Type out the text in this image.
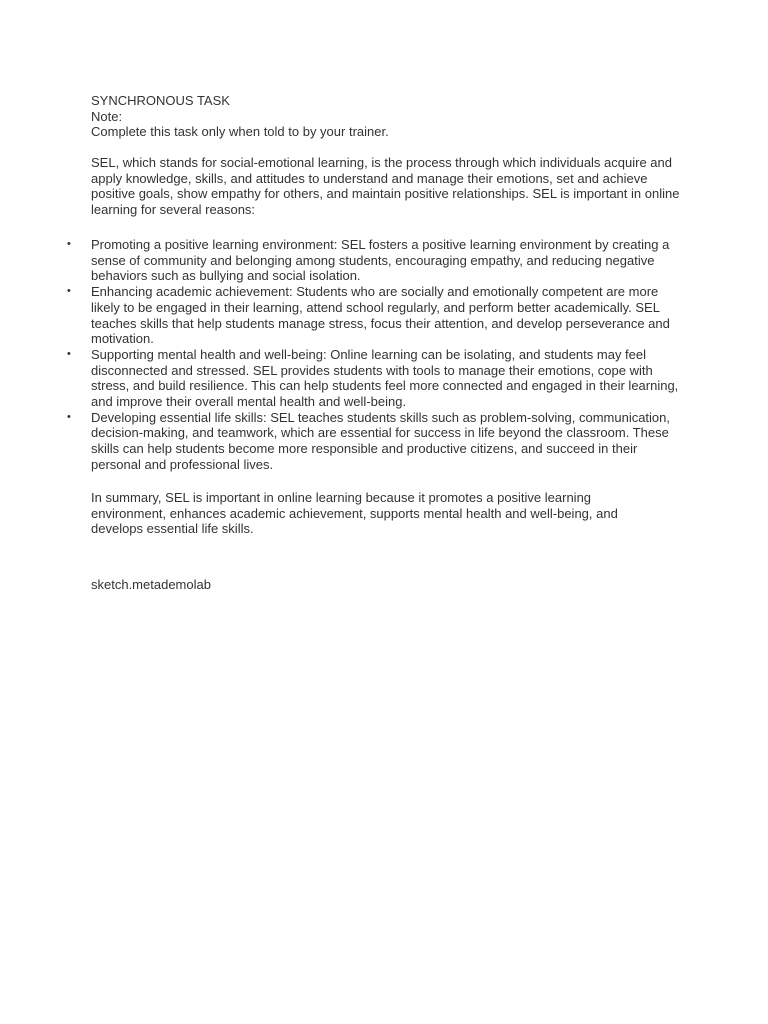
SYNCHRONOUS TASK
Note:
Complete this task only when told to by your trainer.
SEL, which stands for social-emotional learning, is the process through which individuals acquire and apply knowledge, skills, and attitudes to understand and manage their emotions, set and achieve positive goals, show empathy for others, and maintain positive relationships. SEL is important in online learning for several reasons:
• Promoting a positive learning environment: SEL fosters a positive learning environment by creating a sense of community and belonging among students, encouraging empathy, and reducing negative behaviors such as bullying and social isolation.
• Enhancing academic achievement: Students who are socially and emotionally competent are more likely to be engaged in their learning, attend school regularly, and perform better academically. SEL teaches skills that help students manage stress, focus their attention, and develop perseverance and motivation.
• Supporting mental health and well-being: Online learning can be isolating, and students may feel disconnected and stressed. SEL provides students with tools to manage their emotions, cope with stress, and build resilience. This can help students feel more connected and engaged in their learning, and improve their overall mental health and well-being.
• Developing essential life skills: SEL teaches students skills such as problem-solving, communication, decision-making, and teamwork, which are essential for success in life beyond the classroom. These skills can help students become more responsible and productive citizens, and succeed in their personal and professional lives.
In summary, SEL is important in online learning because it promotes a positive learning environment, enhances academic achievement, supports mental health and well-being, and develops essential life skills.
sketch.metademolab
